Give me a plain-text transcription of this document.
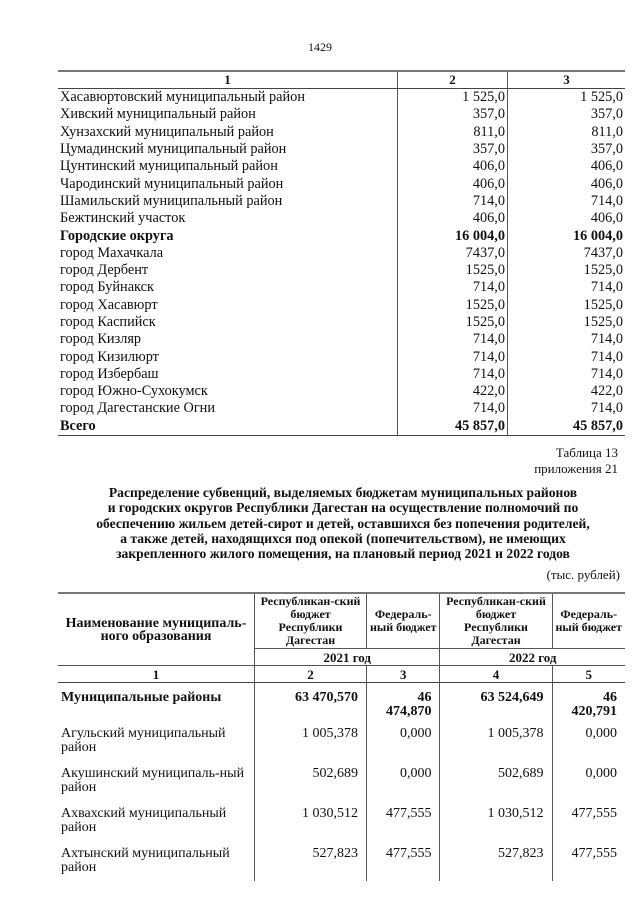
1429
1	2	3
Хасавюртовский муниципальный район	1 525,0	1 525,0
Хивский муниципальный район	357,0	357,0
Хунзахский муниципальный район	811,0	811,0
Цумадинский муниципальный район	357,0	357,0
Цунтинский муниципальный район	406,0	406,0
Чародинский муниципальный район	406,0	406,0
Шамильский муниципальный район	714,0	714,0
Бежтинский участок	406,0	406,0
Городские округа	16 004,0	16 004,0
город Махачкала	7437,0	7437,0
город Дербент	1525,0	1525,0
город Буйнакск	714,0	714,0
город Хасавюрт	1525,0	1525,0
город Каспийск	1525,0	1525,0
город Кизляр	714,0	714,0
город Кизилюрт	714,0	714,0
город Избербаш	714,0	714,0
город Южно-Сухокумск	422,0	422,0
город Дагестанские Огни	714,0	714,0
Всего	45 857,0	45 857,0
Таблица 13
приложения 21
Распределение субвенций, выделяемых бюджетам муниципальных районов
и городских округов Республики Дагестан на осуществление полномочий по
обеспечению жильем детей-сирот и детей, оставшихся без попечения родителей,
а также детей, находящихся под опекой (попечительством), не имеющих
закрепленного жилого помещения, на плановый период 2021 и 2022 годов
(тыс. рублей)
Наименование муниципаль-ного образования	Республикан-ский бюджет Республики Дагестан	Федераль-ный бюджет	Республикан-ский бюджет Республики Дагестан	Федераль-ный бюджет
	2021 год		2022 год	
1	2	3	4	5
Муниципальные районы	63 470,570	46 474,870	63 524,649	46 420,791
Агульский муниципальный район	1 005,378	0,000	1 005,378	0,000
Акушинский муниципаль-ный район	502,689	0,000	502,689	0,000
Ахвахский муниципальный район	1 030,512	477,555	1 030,512	477,555
Ахтынский муниципальный район	527,823	477,555	527,823	477,555
